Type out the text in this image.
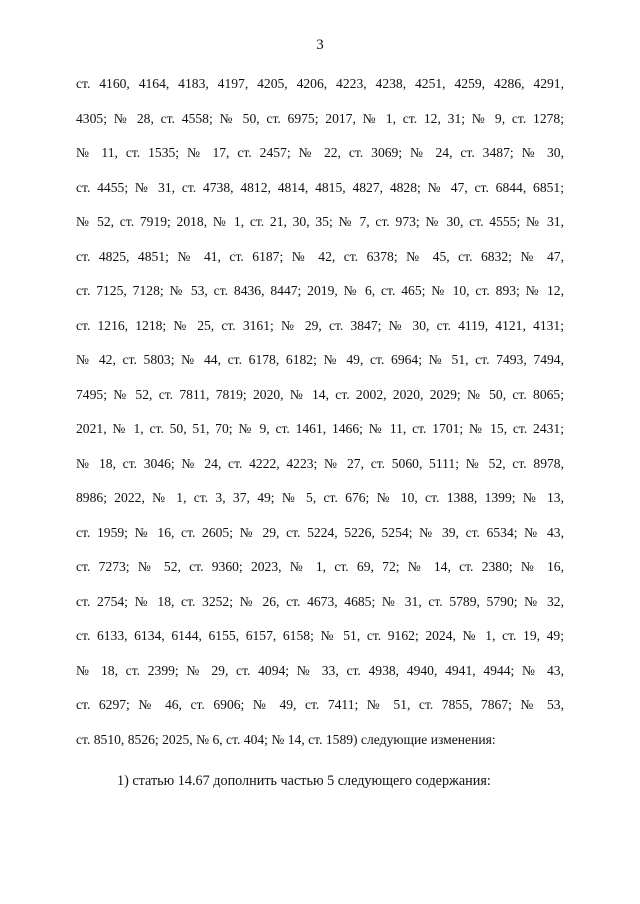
3
ст. 4160, 4164, 4183, 4197, 4205, 4206, 4223, 4238, 4251, 4259, 4286, 4291,
4305; № 28, ст. 4558; № 50, ст. 6975; 2017, № 1, ст. 12, 31; № 9, ст. 1278;
№ 11, ст. 1535; № 17, ст. 2457; № 22, ст. 3069; № 24, ст. 3487; № 30,
ст. 4455; № 31, ст. 4738, 4812, 4814, 4815, 4827, 4828; № 47, ст. 6844, 6851;
№ 52, ст. 7919; 2018, № 1, ст. 21, 30, 35; № 7, ст. 973; № 30, ст. 4555; № 31,
ст. 4825, 4851; № 41, ст. 6187; № 42, ст. 6378; № 45, ст. 6832; № 47,
ст. 7125, 7128; № 53, ст. 8436, 8447; 2019, № 6, ст. 465; № 10, ст. 893; № 12,
ст. 1216, 1218; № 25, ст. 3161; № 29, ст. 3847; № 30, ст. 4119, 4121, 4131;
№ 42, ст. 5803; № 44, ст. 6178, 6182; № 49, ст. 6964; № 51, ст. 7493, 7494,
7495; № 52, ст. 7811, 7819; 2020, № 14, ст. 2002, 2020, 2029; № 50, ст. 8065;
2021, № 1, ст. 50, 51, 70; № 9, ст. 1461, 1466; № 11, ст. 1701; № 15, ст. 2431;
№ 18, ст. 3046; № 24, ст. 4222, 4223; № 27, ст. 5060, 5111; № 52, ст. 8978,
8986; 2022, № 1, ст. 3, 37, 49; № 5, ст. 676; № 10, ст. 1388, 1399; № 13,
ст. 1959; № 16, ст. 2605; № 29, ст. 5224, 5226, 5254; № 39, ст. 6534; № 43,
ст. 7273; № 52, ст. 9360; 2023, № 1, ст. 69, 72; № 14, ст. 2380; № 16,
ст. 2754; № 18, ст. 3252; № 26, ст. 4673, 4685; № 31, ст. 5789, 5790; № 32,
ст. 6133, 6134, 6144, 6155, 6157, 6158; № 51, ст. 9162; 2024, № 1, ст. 19, 49;
№ 18, ст. 2399; № 29, ст. 4094; № 33, ст. 4938, 4940, 4941, 4944; № 43,
ст. 6297; № 46, ст. 6906; № 49, ст. 7411; № 51, ст. 7855, 7867; № 53,
ст. 8510, 8526; 2025, № 6, ст. 404; № 14, ст. 1589) следующие изменения:
1) статью 14.67 дополнить частью 5 следующего содержания:
